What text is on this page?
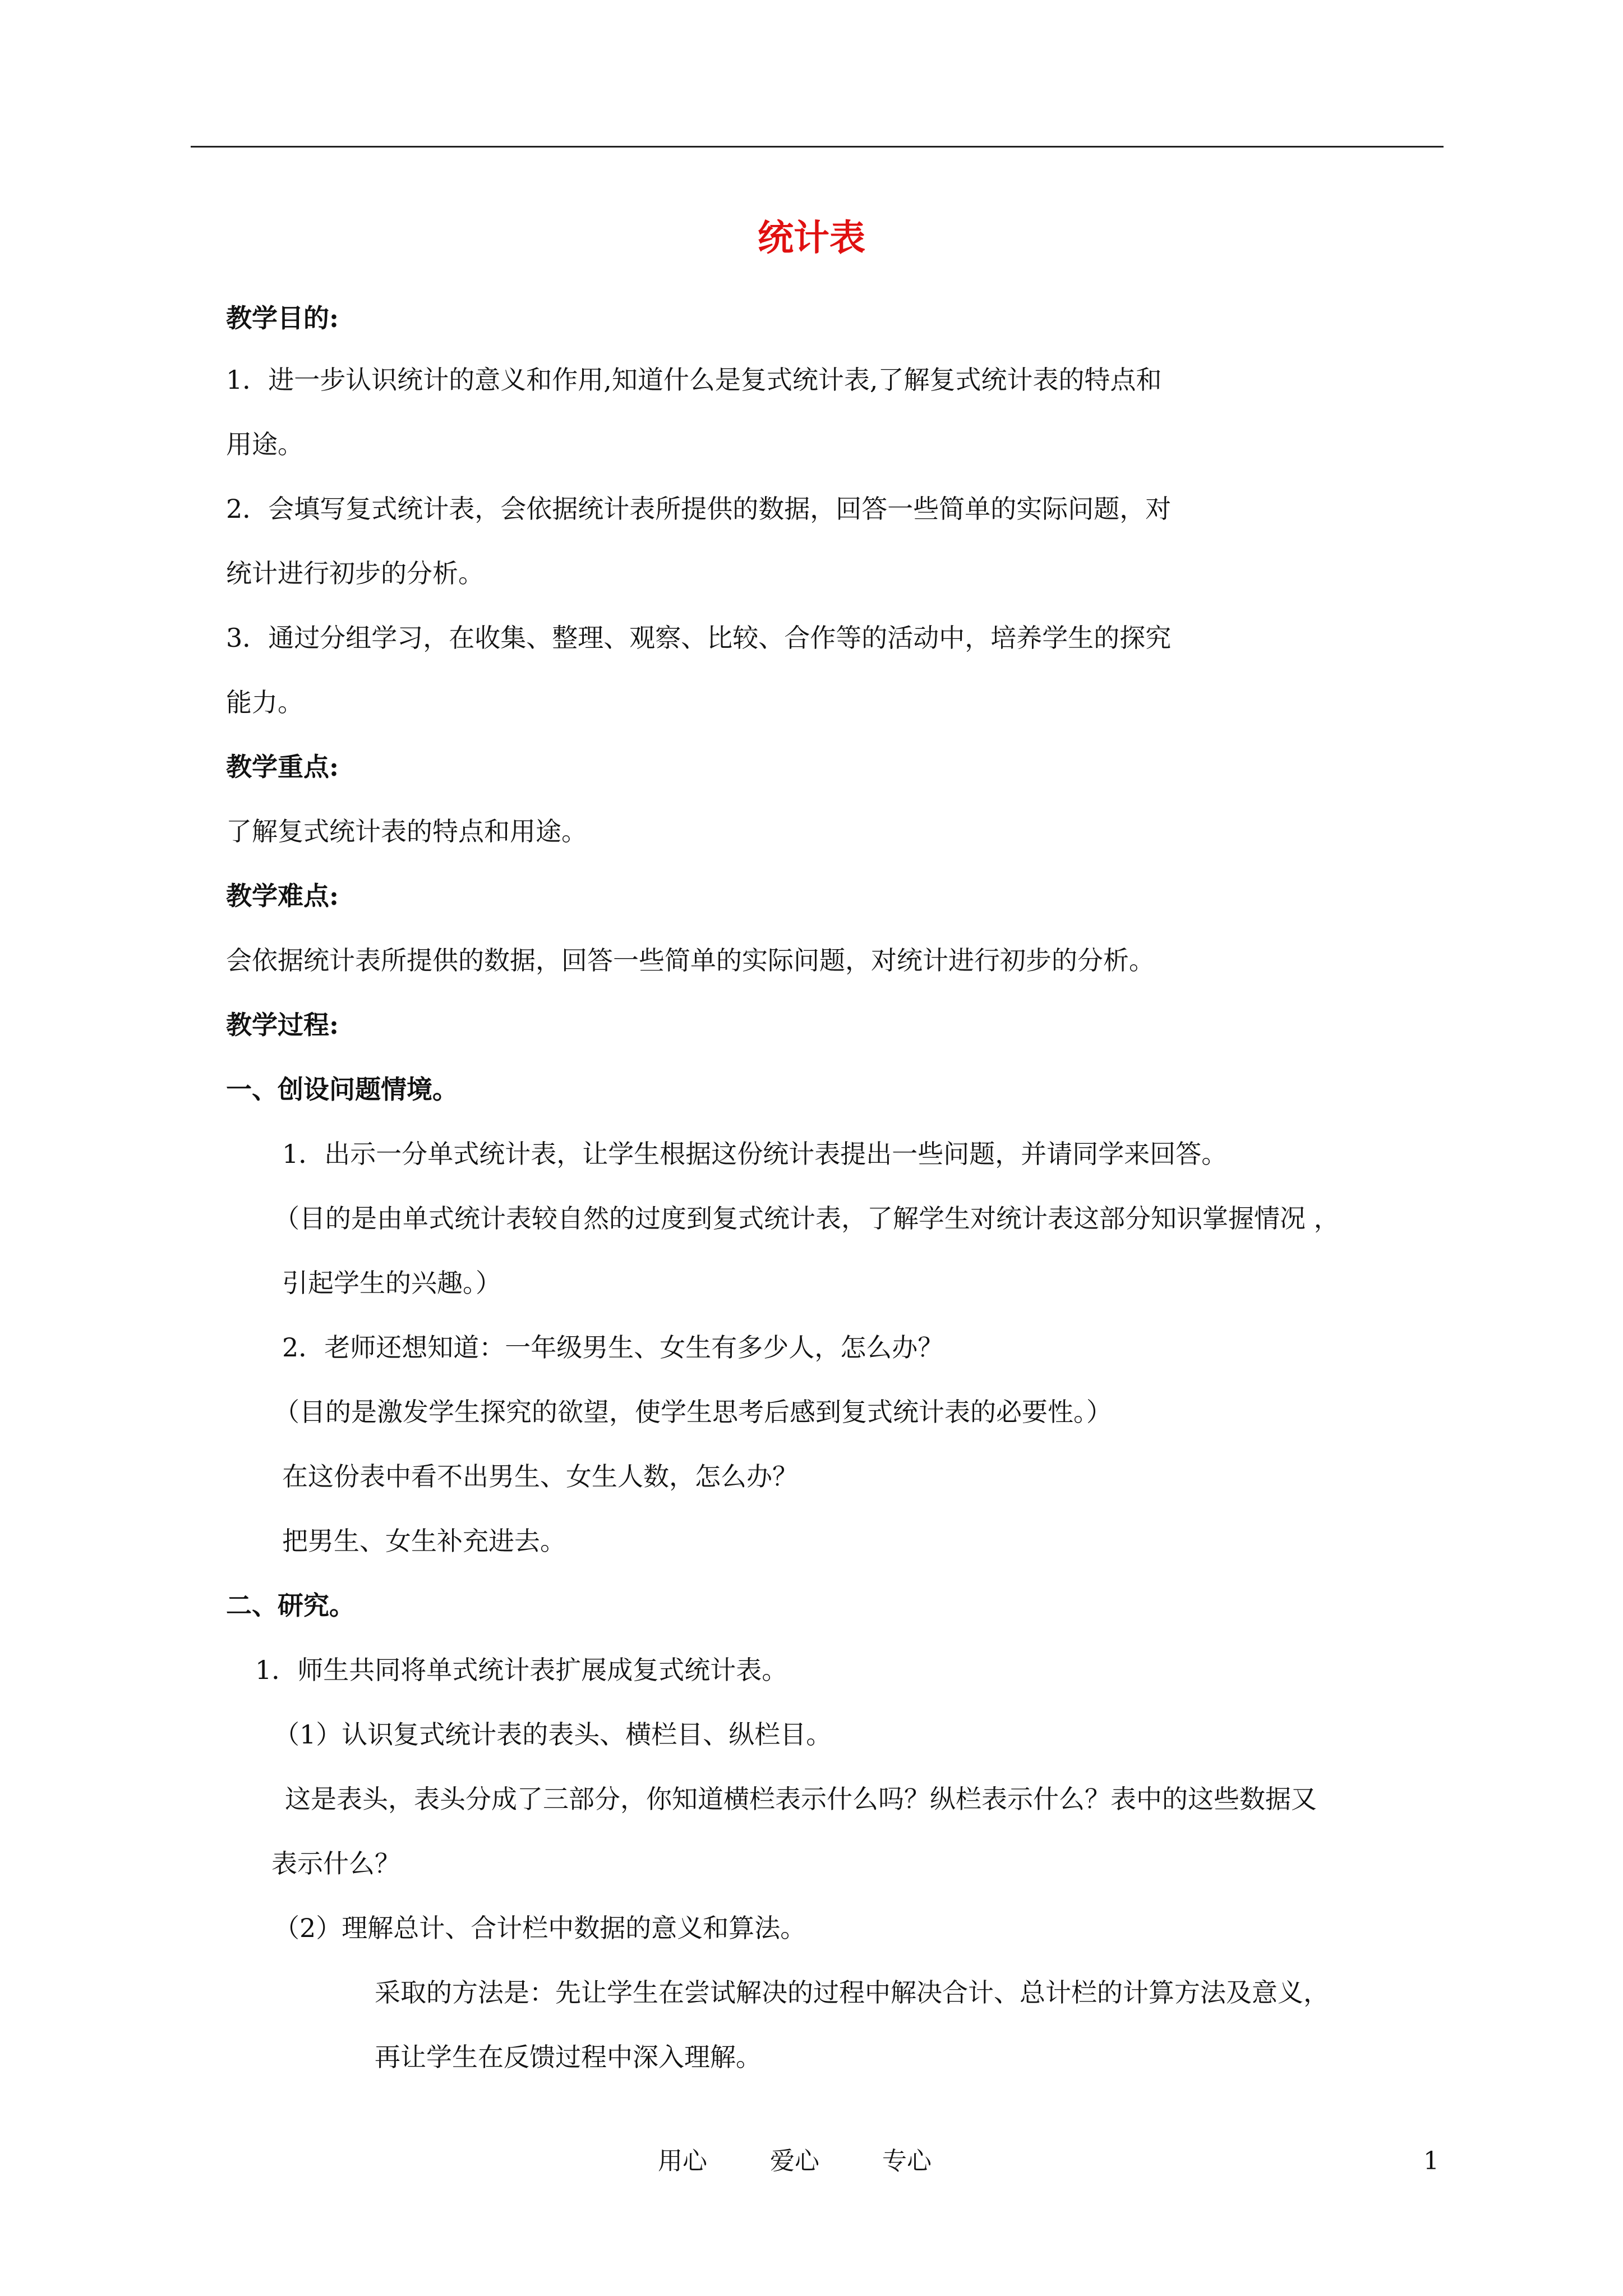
统计表
教学目的:
1．进一步认识统计的意义和作用,知道什么是复式统计表,了解复式统计表的特点和
用途。
2．会填写复式统计表，会依据统计表所提供的数据，回答一些简单的实际问题，对
统计进行初步的分析。
3．通过分组学习，在收集、整理、观察、比较、合作等的活动中，培养学生的探究
能力。
教学重点:
了解复式统计表的特点和用途。
教学难点:
会依据统计表所提供的数据，回答一些简单的实际问题，对统计进行初步的分析。
教学过程:
一、创设问题情境。
1．出示一分单式统计表，让学生根据这份统计表提出一些问题，并请同学来回答。
（目的是由单式统计表较自然的过度到复式统计表，了解学生对统计表这部分知识掌握情况 ，
引起学生的兴趣。）
2．老师还想知道：一年级男生、女生有多少人，怎么办？
（目的是激发学生探究的欲望，使学生思考后感到复式统计表的必要性。）
在这份表中看不出男生、女生人数，怎么办？
把男生、女生补充进去。
二、研究。
1．师生共同将单式统计表扩展成复式统计表。
（1）认识复式统计表的表头、横栏目、纵栏目。
这是表头，表头分成了三部分，你知道横栏表示什么吗？纵栏表示什么？表中的这些数据又
表示什么？
（2）理解总计、合计栏中数据的意义和算法。
采取的方法是：先让学生在尝试解决的过程中解决合计、总计栏的计算方法及意义，
再让学生在反馈过程中深入理解。
用心	爱心	专心	1
